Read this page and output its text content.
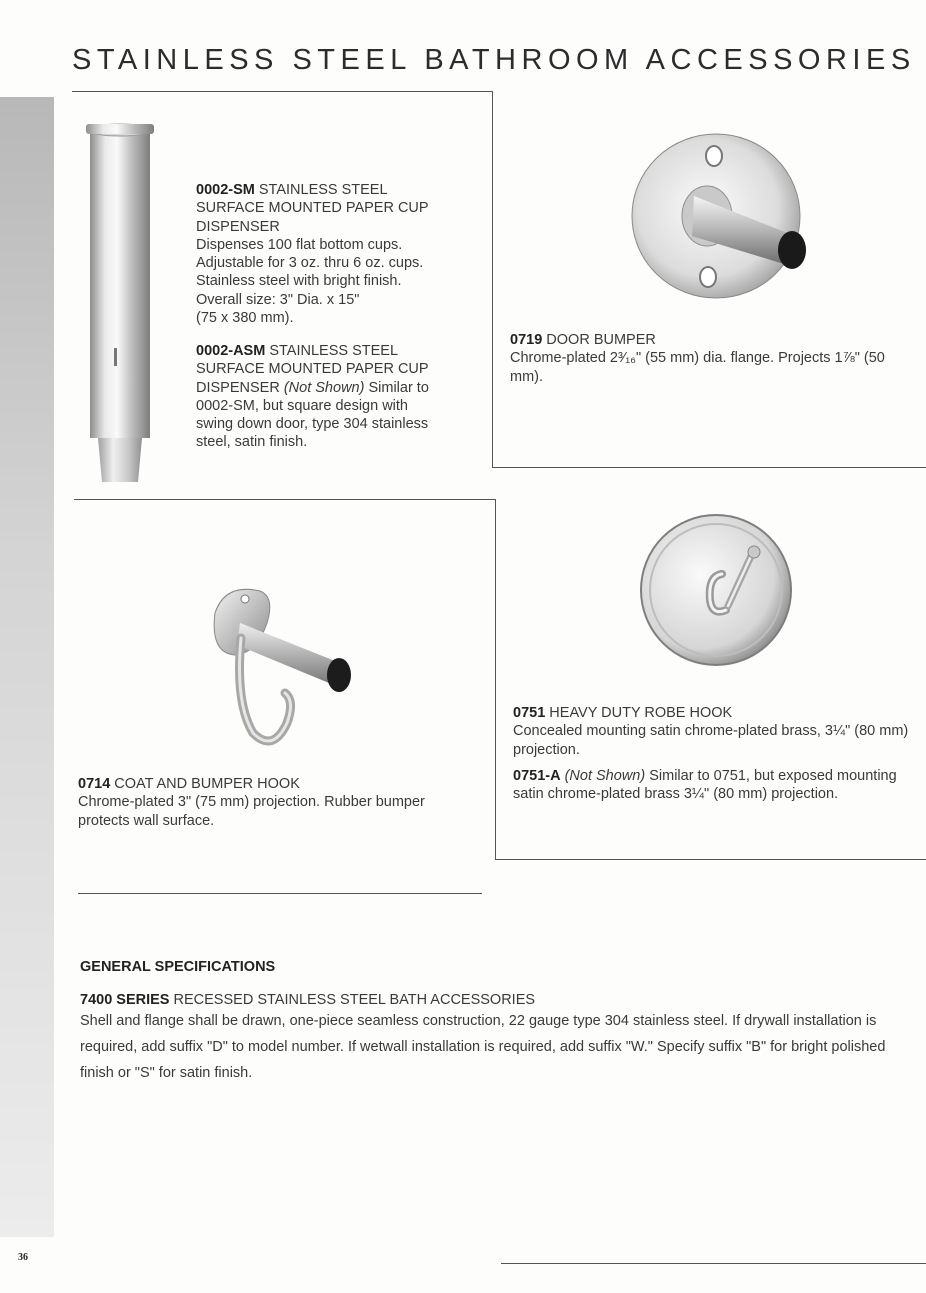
STAINLESS STEEL BATHROOM ACCESSORIES
0002-SM STAINLESS STEEL SURFACE MOUNTED PAPER CUP DISPENSER
Dispenses 100 flat bottom cups.
Adjustable for 3 oz. thru 6 oz. cups.
Stainless steel with bright finish.
Overall size: 3" Dia. x 15"
(75 x 380 mm).
0002-ASM STAINLESS STEEL SURFACE MOUNTED PAPER CUP DISPENSER (Not Shown) Similar to 0002-SM, but square design with swing down door, type 304 stainless steel, satin finish.
0719 DOOR BUMPER
Chrome-plated 2³⁄₁₆" (55 mm) dia. flange. Projects 1⅞" (50 mm).
0714 COAT AND BUMPER HOOK
Chrome-plated 3" (75 mm) projection. Rubber bumper protects wall surface.
0751 HEAVY DUTY ROBE HOOK
Concealed mounting satin chrome-plated brass, 3¼" (80 mm) projection.
0751-A (Not Shown) Similar to 0751, but exposed mounting satin chrome-plated brass 3¼" (80 mm) projection.
GENERAL SPECIFICATIONS
7400 SERIES RECESSED STAINLESS STEEL BATH ACCESSORIES
Shell and flange shall be drawn, one-piece seamless construction, 22 gauge type 304 stainless steel. If drywall installation is required, add suffix "D" to model number. If wetwall installation is required, add suffix "W." Specify suffix "B" for bright polished finish or "S" for satin finish.
36
